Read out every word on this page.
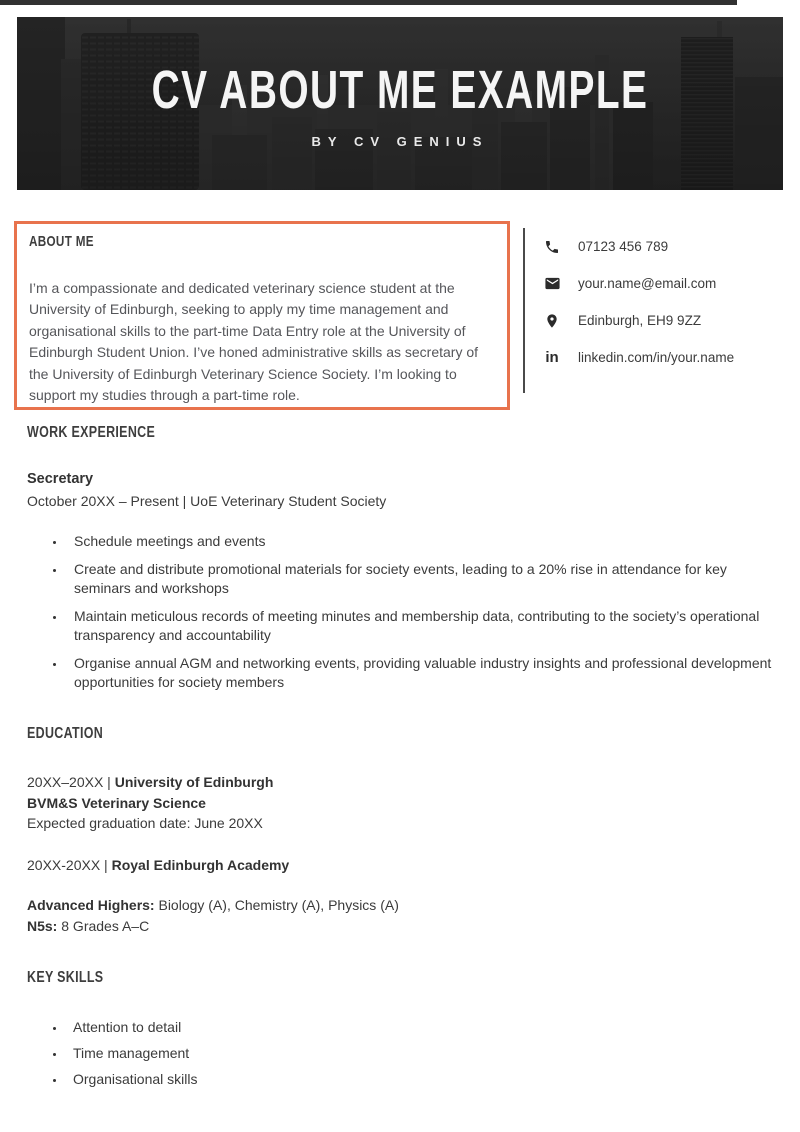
CV ABOUT ME EXAMPLE
BY CV GENIUS
ABOUT ME

I’m a compassionate and dedicated veterinary science student at the University of Edinburgh, seeking to apply my time management and organisational skills to the part-time Data Entry role at the University of Edinburgh Student Union. I’ve honed administrative skills as secretary of the University of Edinburgh Veterinary Science Society. I’m looking to support my studies through a part-time role.

07123 456 789
your.name@email.com
Edinburgh, EH9 9ZZ
in linkedin.com/in/your.name
WORK EXPERIENCE

Secretary

October 20XX – Present | UoE Veterinary Student Society

• Schedule meetings and events
• Create and distribute promotional materials for society events, leading to a 20% rise in attendance for key seminars and workshops
• Maintain meticulous records of meeting minutes and membership data, contributing to the society’s operational transparency and accountability
• Organise annual AGM and networking events, providing valuable industry insights and professional development opportunities for society members
EDUCATION

20XX–20XX | University of Edinburgh

BVM&S Veterinary Science

Expected graduation date: June 20XX

20XX-20XX | Royal Edinburgh Academy

Advanced Highers: Biology (A), Chemistry (A), Physics (A)

N5s: 8 Grades A–C

KEY SKILLS
• Attention to detail
• Time management
• Organisational skills
